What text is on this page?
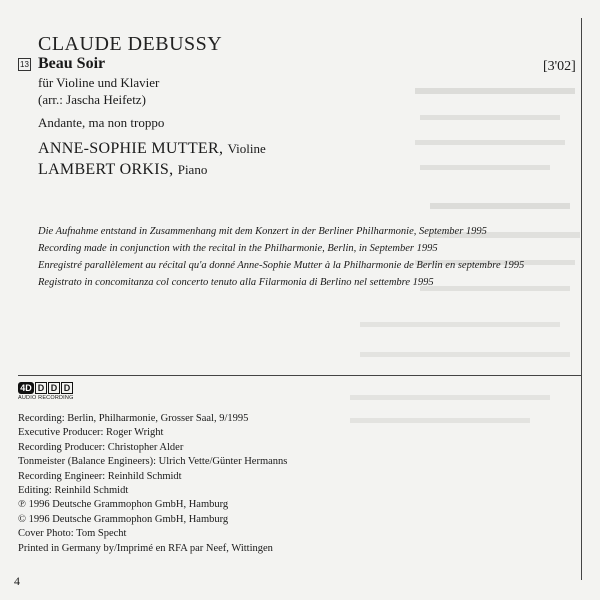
CLAUDE DEBUSSY
13 Beau Soir	[3'02]
für Violine und Klavier
(arr.: Jascha Heifetz)
Andante, ma non troppo
ANNE-SOPHIE MUTTER, Violine
LAMBERT ORKIS, Piano
Die Aufnahme entstand in Zusammenhang mit dem Konzert in der Berliner Philharmonie, September 1995
Recording made in conjunction with the recital in the Philharmonie, Berlin, in September 1995
Enregistré parallèlement au récital qu'a donné Anne-Sophie Mutter à la Philharmonie de Berlin en septembre 1995
Registrato in concomitanza col concerto tenuto alla Filarmonia di Berlino nel settembre 1995
4D D D D
AUDIO RECORDING
Recording: Berlin, Philharmonie, Grosser Saal, 9/1995
Executive Producer: Roger Wright
Recording Producer: Christopher Alder
Tonmeister (Balance Engineers): Ulrich Vette/Günter Hermanns
Recording Engineer: Reinhild Schmidt
Editing: Reinhild Schmidt
℗ 1996 Deutsche Grammophon GmbH, Hamburg
© 1996 Deutsche Grammophon GmbH, Hamburg
Cover Photo: Tom Specht
Printed in Germany by/Imprimé en RFA par Neef, Wittingen
4
